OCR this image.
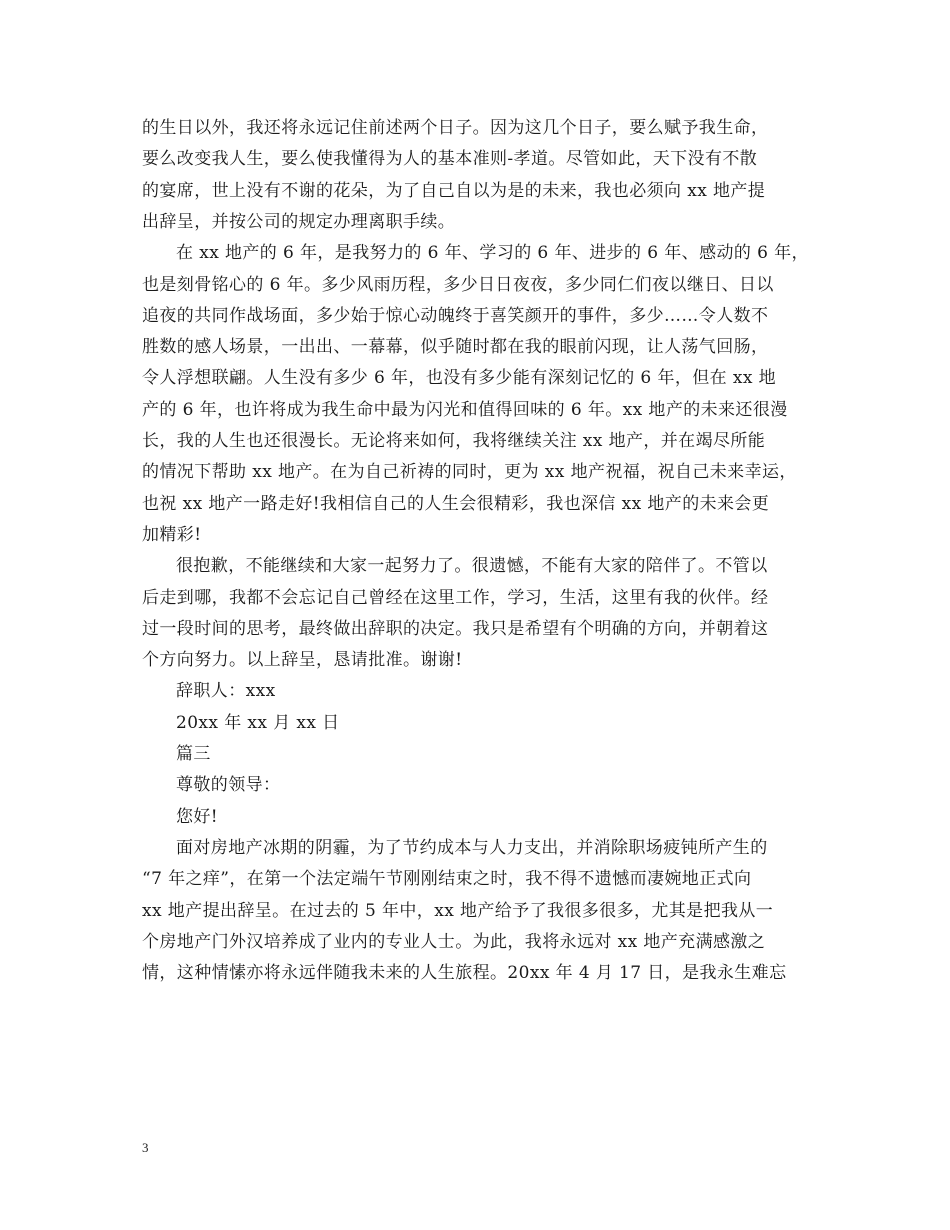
的生日以外，我还将永远记住前述两个日子。因为这几个日子，要么赋予我生命，
要么改变我人生，要么使我懂得为人的基本准则-孝道。尽管如此，天下没有不散
的宴席，世上没有不谢的花朵，为了自己自以为是的未来，我也必须向 xx 地产提
出辞呈，并按公司的规定办理离职手续。
在 xx 地产的 6 年，是我努力的 6 年、学习的 6 年、进步的 6 年、感动的 6 年，
也是刻骨铭心的 6 年。多少风雨历程，多少日日夜夜，多少同仁们夜以继日、日以
追夜的共同作战场面，多少始于惊心动魄终于喜笑颜开的事件，多少……令人数不
胜数的感人场景，一出出、一幕幕，似乎随时都在我的眼前闪现，让人荡气回肠，
令人浮想联翩。人生没有多少 6 年，也没有多少能有深刻记忆的 6 年，但在 xx 地
产的 6 年，也许将成为我生命中最为闪光和值得回味的 6 年。xx 地产的未来还很漫
长，我的人生也还很漫长。无论将来如何，我将继续关注 xx 地产，并在竭尽所能
的情况下帮助 xx 地产。在为自己祈祷的同时，更为 xx 地产祝福，祝自己未来幸运，
也祝 xx 地产一路走好!我相信自己的人生会很精彩，我也深信 xx 地产的未来会更
加精彩!
很抱歉，不能继续和大家一起努力了。很遗憾，不能有大家的陪伴了。不管以
后走到哪，我都不会忘记自己曾经在这里工作，学习，生活，这里有我的伙伴。经
过一段时间的思考，最终做出辞职的决定。我只是希望有个明确的方向，并朝着这
个方向努力。以上辞呈，恳请批准。谢谢!
辞职人：xxx
20xx 年 xx 月 xx 日
篇三
尊敬的领导：
您好!
面对房地产冰期的阴霾，为了节约成本与人力支出，并消除职场疲钝所产生的
“7 年之痒”，在第一个法定端午节刚刚结束之时，我不得不遗憾而凄婉地正式向
xx 地产提出辞呈。在过去的 5 年中，xx 地产给予了我很多很多，尤其是把我从一
个房地产门外汉培养成了业内的专业人士。为此，我将永远对 xx 地产充满感激之
情，这种情愫亦将永远伴随我未来的人生旅程。20xx 年 4 月 17 日，是我永生难忘
3
